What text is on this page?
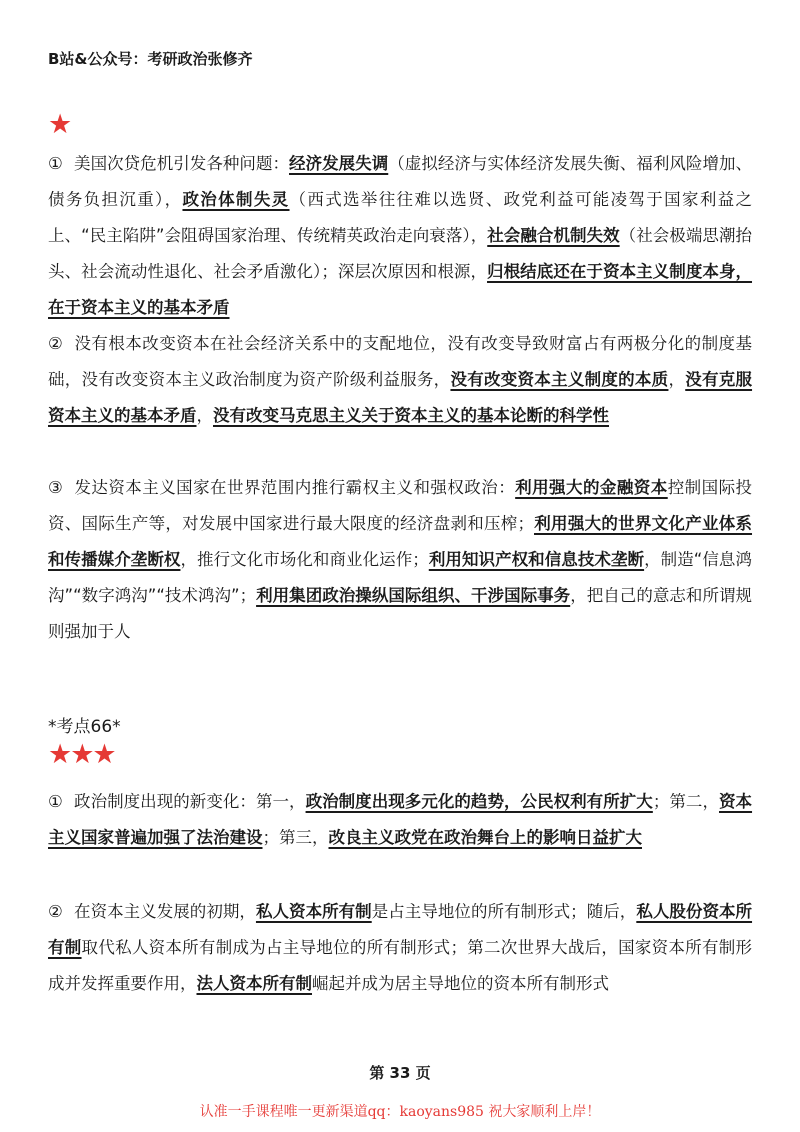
B站&公众号：考研政治张修齐
★
① 美国次贷危机引发各种问题：经济发展失调（虚拟经济与实体经济发展失衡、福利风险增加、债务负担沉重），政治体制失灵（西式选举往往难以选贤、政党利益可能凌驾于国家利益之上、“民主陷阱”会阻碍国家治理、传统精英政治走向衰落），社会融合机制失效（社会极端思潮抬头、社会流动性退化、社会矛盾激化）；深层次原因和根源，归根结底还在于资本主义制度本身，在于资本主义的基本矛盾
② 没有根本改变资本在社会经济关系中的支配地位，没有改变导致财富占有两极分化的制度基础，没有改变资本主义政治制度为资产阶级利益服务，没有改变资本主义制度的本质，没有克服资本主义的基本矛盾，没有改变马克思主义关于资本主义的基本论断的科学性
③ 发达资本主义国家在世界范围内推行霸权主义和强权政治：利用强大的金融资本控制国际投资、国际生产等，对发展中国家进行最大限度的经济盘剥和压榨；利用强大的世界文化产业体系和传播媒介垄断权，推行文化市场化和商业化运作；利用知识产权和信息技术垄断，制造“信息鸿沟”“数字鸿沟”“技术鸿沟”；利用集团政治操纵国际组织、干涉国际事务，把自己的意志和所谓规则强加于人
*考点66*
★★★
① 政治制度出现的新变化：第一，政治制度出现多元化的趋势，公民权利有所扩大；第二，资本主义国家普遍加强了法治建设；第三，改良主义政党在政治舞台上的影响日益扩大
② 在资本主义发展的初期，私人资本所有制是占主导地位的所有制形式；随后，私人股份资本所有制取代私人资本所有制成为占主导地位的所有制形式；第二次世界大战后，国家资本所有制形成并发挥重要作用，法人资本所有制崛起并成为居主导地位的资本所有制形式
第 33 页
认准一手课程唯一更新渠道qq：kaoyans985 祝大家顺利上岸！
